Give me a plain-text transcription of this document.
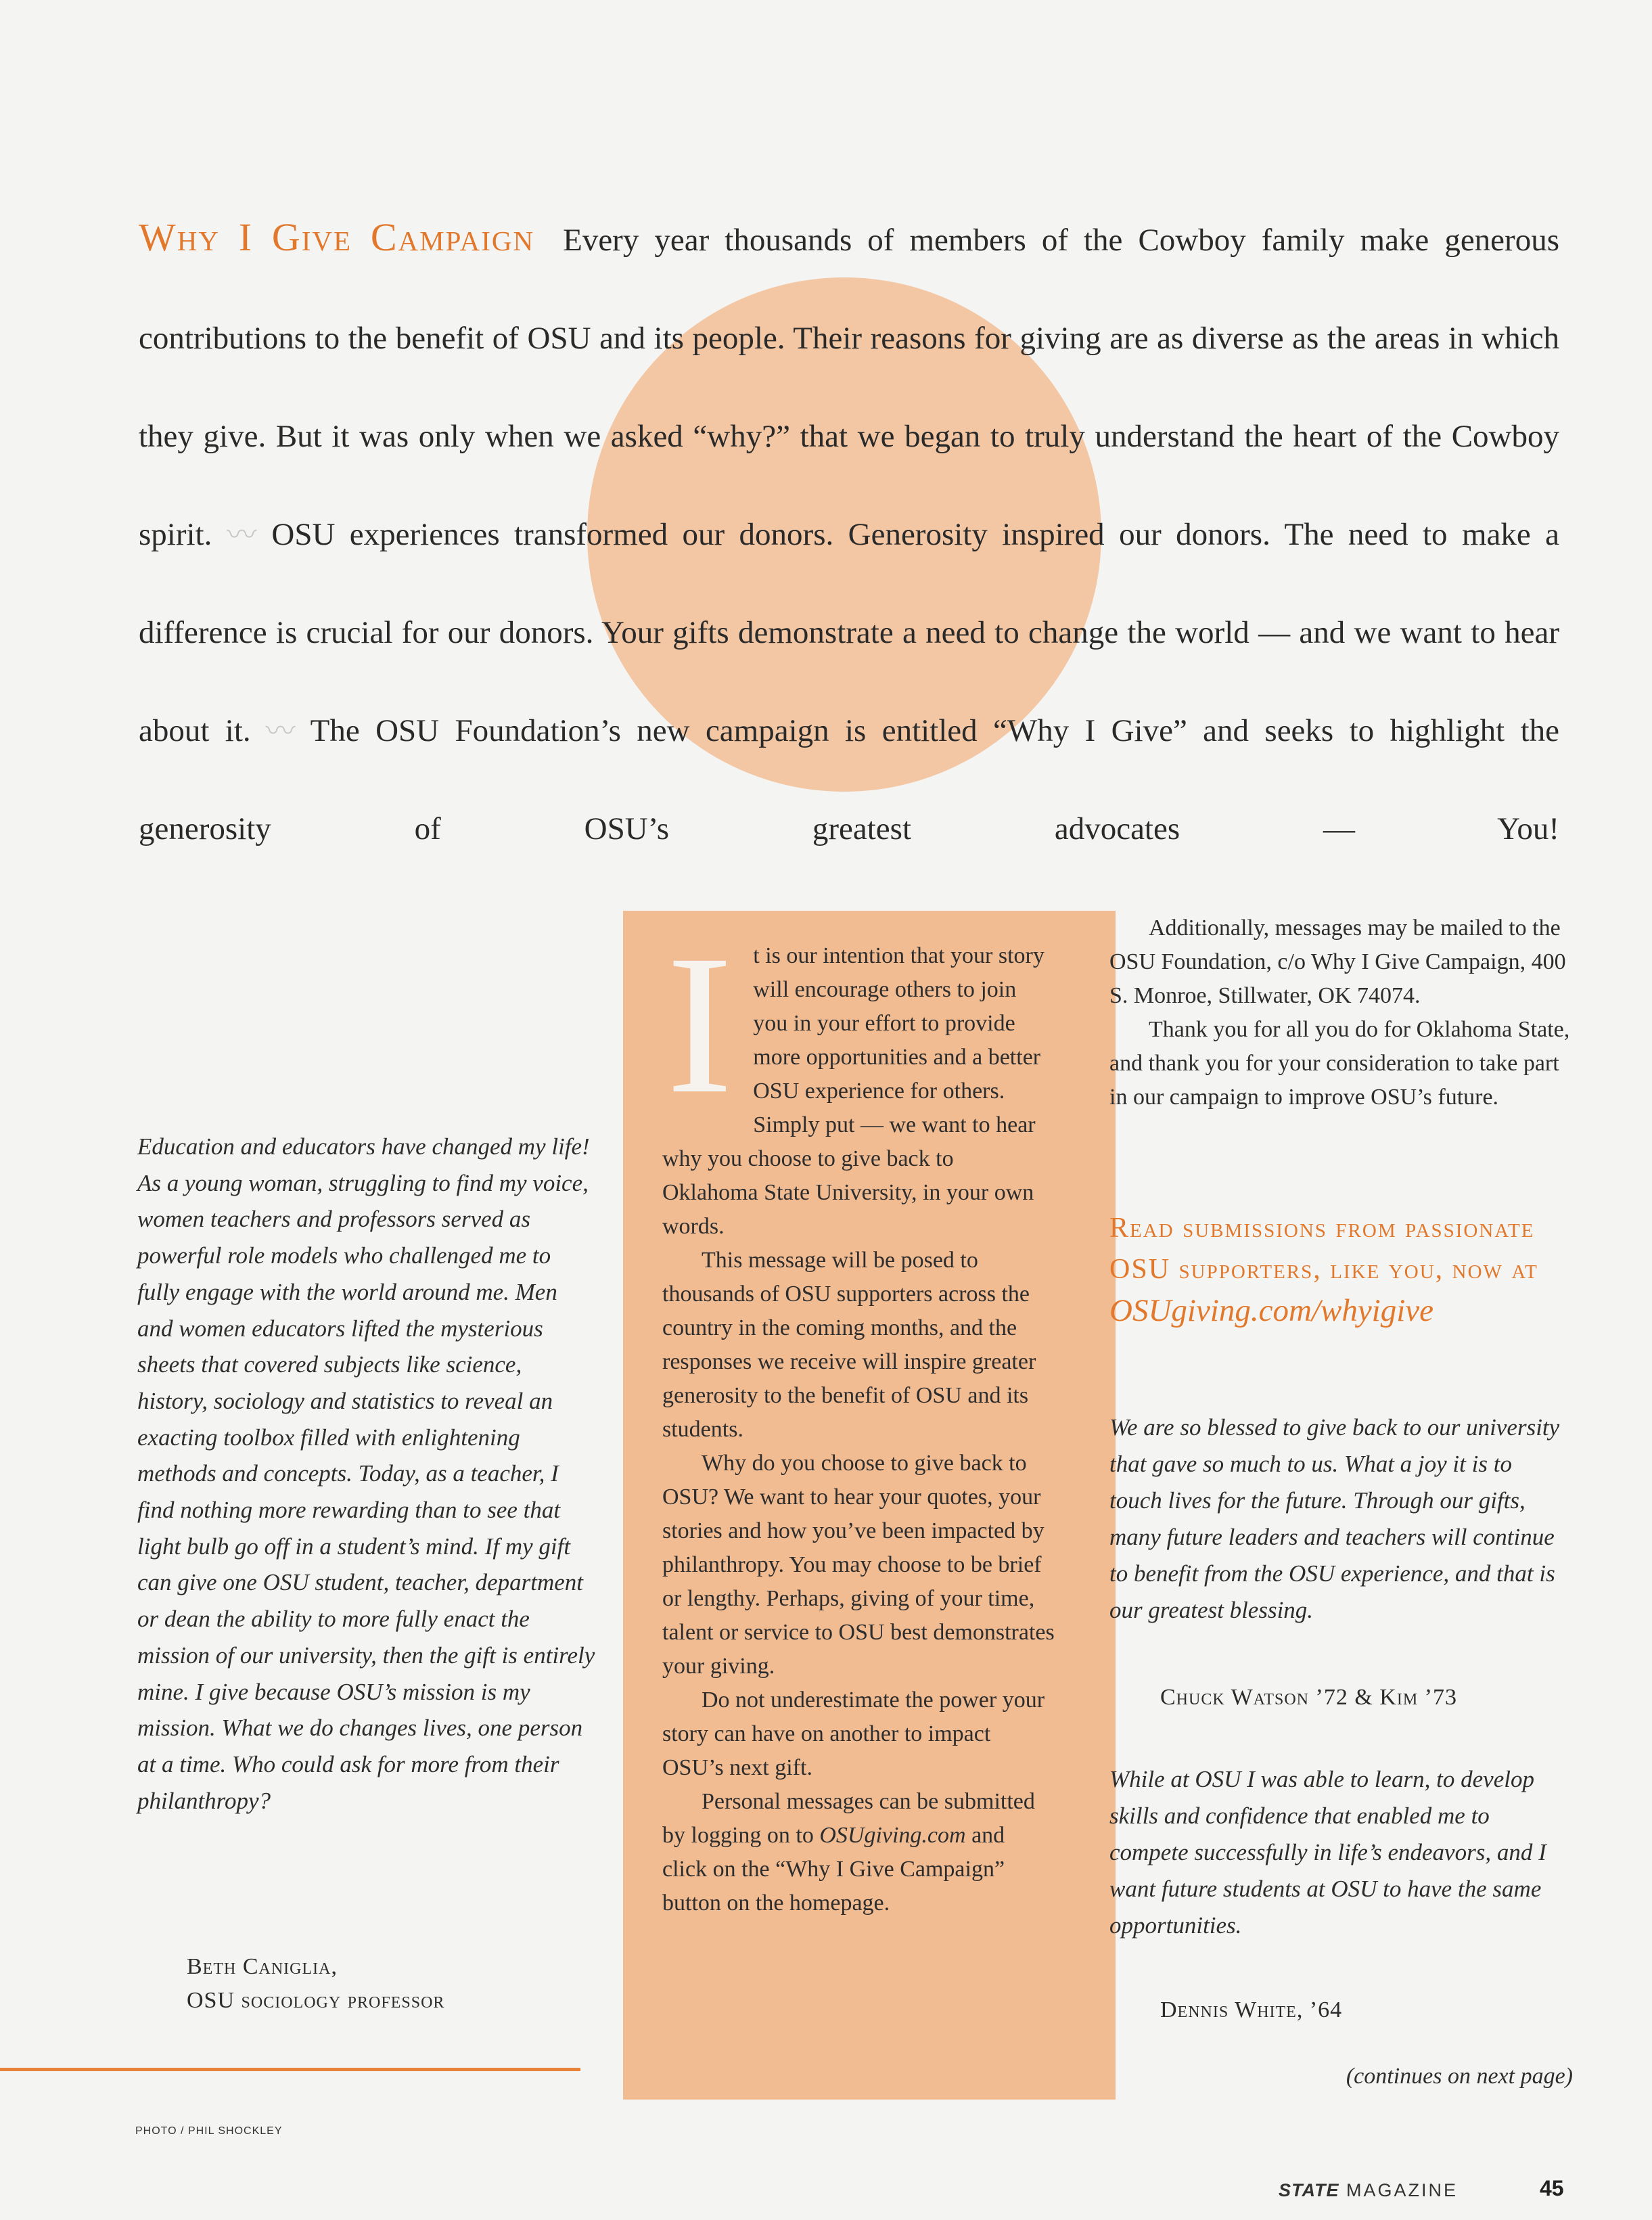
Why I Give Campaign Every year thousands of members of the Cowboy family make generous contributions to the benefit of OSU and its people. Their reasons for giving are as diverse as the areas in which they give. But it was only when we asked “why?” that we began to truly understand the heart of the Cowboy spirit. 〰 OSU experiences transformed our donors. Generosity inspired our donors. The need to make a difference is crucial for our donors. Your gifts demonstrate a need to change the world — and we want to hear about it. 〰 The OSU Foundation’s new campaign is entitled “Why I Give” and seeks to highlight the generosity of OSU’s greatest advocates — You!
Education and educators have changed my life! As a young woman, struggling to find my voice, women teachers and professors served as powerful role models who challenged me to fully engage with the world around me. Men and women educators lifted the mysterious sheets that covered subjects like science, history, sociology and statistics to reveal an exacting toolbox filled with enlightening methods and concepts. Today, as a teacher, I find nothing more rewarding than to see that light bulb go off in a student’s mind. If my gift can give one OSU student, teacher, department or dean the ability to more fully enact the mission of our university, then the gift is entirely mine. I give because OSU’s mission is my mission. What we do changes lives, one person at a time. Who could ask for more from their philanthropy?
Beth Caniglia,
OSU sociology professor
I t is our intention that your story will encourage others to join you in your effort to provide more opportunities and a better OSU experience for others. Simply put — we want to hear why you choose to give back to Oklahoma State University, in your own words.

This message will be posed to thousands of OSU supporters across the country in the coming months, and the responses we receive will inspire greater generosity to the benefit of OSU and its students.

Why do you choose to give back to OSU? We want to hear your quotes, your stories and how you’ve been impacted by philanthropy. You may choose to be brief or lengthy. Perhaps, giving of your time, talent or service to OSU best demonstrates your giving.

Do not underestimate the power your story can have on another to impact OSU’s next gift.

Personal messages can be submitted by logging on to OSUgiving.com and click on the “Why I Give Campaign” button on the homepage.

Additionally, messages may be mailed to the OSU Foundation, c/o Why I Give Campaign, 400 S. Monroe, Stillwater, OK 74074.

Thank you for all you do for Oklahoma State, and thank you for your consideration to take part in our campaign to improve OSU’s future.

Read submissions from passionate OSU supporters, like you, now at OSUgiving.com/whyigive
We are so blessed to give back to our university that gave so much to us. What a joy it is to touch lives for the future. Through our gifts, many future leaders and teachers will continue to benefit from the OSU experience, and that is our greatest blessing.
Chuck Watson ’72 & Kim ’73
While at OSU I was able to learn, to develop skills and confidence that enabled me to compete successfully in life’s endeavors, and I want future students at OSU to have the same opportunities.
Dennis White, ’64
(continues on next page)
PHOTO / PHIL SHOCKLEY
STATE MAGAZINE	45
